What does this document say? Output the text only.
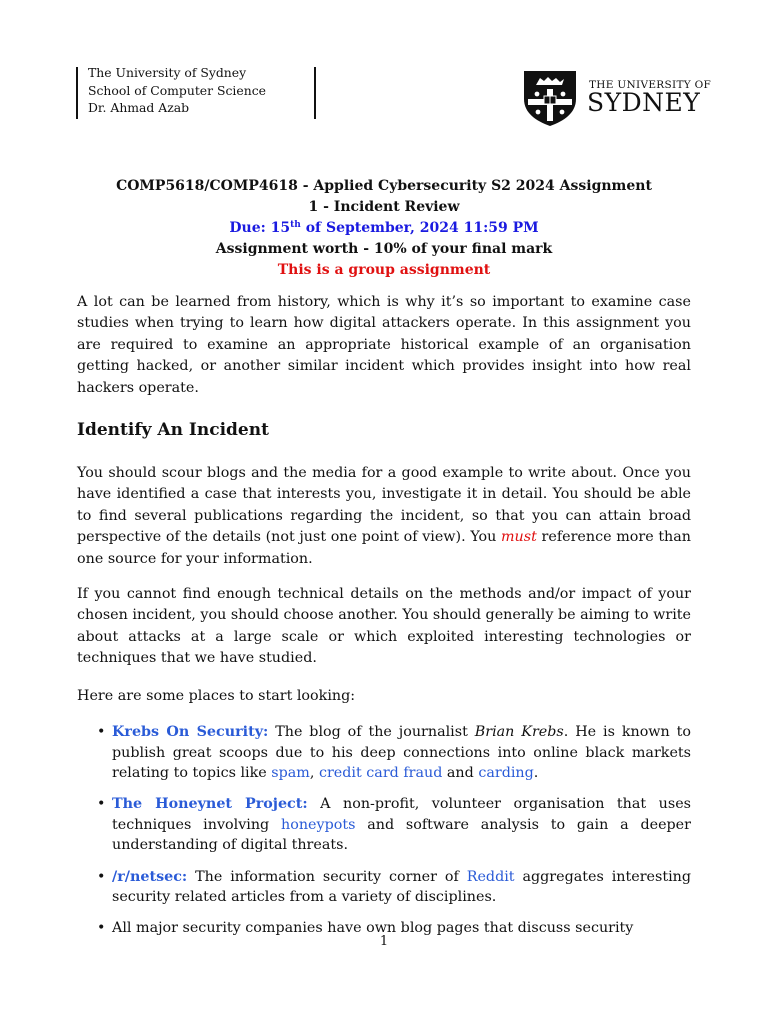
The University of Sydney
School of Computer Science
Dr. Ahmad Azab
THE UNIVERSITY OF
SYDNEY
COMP5618/COMP4618 - Applied Cybersecurity S2 2024 Assignment
1 - Incident Review
Due: 15th of September, 2024 11:59 PM
Assignment worth - 10% of your final mark
This is a group assignment
A lot can be learned from history, which is why it’s so important to examine case studies when trying to learn how digital attackers operate. In this assignment you are required to examine an appropriate historical example of an organisation getting hacked, or another similar incident which provides insight into how real hackers operate.
Identify An Incident
You should scour blogs and the media for a good example to write about. Once you have identified a case that interests you, investigate it in detail. You should be able to find several publications regarding the incident, so that you can attain broad perspective of the details (not just one point of view). You must reference more than one source for your information.
If you cannot find enough technical details on the methods and/or impact of your chosen incident, you should choose another. You should generally be aiming to write about attacks at a large scale or which exploited interesting technologies or techniques that we have studied.
Here are some places to start looking:
• Krebs On Security: The blog of the journalist Brian Krebs. He is known to publish great scoops due to his deep connections into online black markets relating to topics like spam, credit card fraud and carding.
• The Honeynet Project: A non-profit, volunteer organisation that uses techniques involving honeypots and software analysis to gain a deeper understanding of digital threats.
• /r/netsec: The information security corner of Reddit aggregates interesting security related articles from a variety of disciplines.
• All major security companies have own blog pages that discuss security
1
